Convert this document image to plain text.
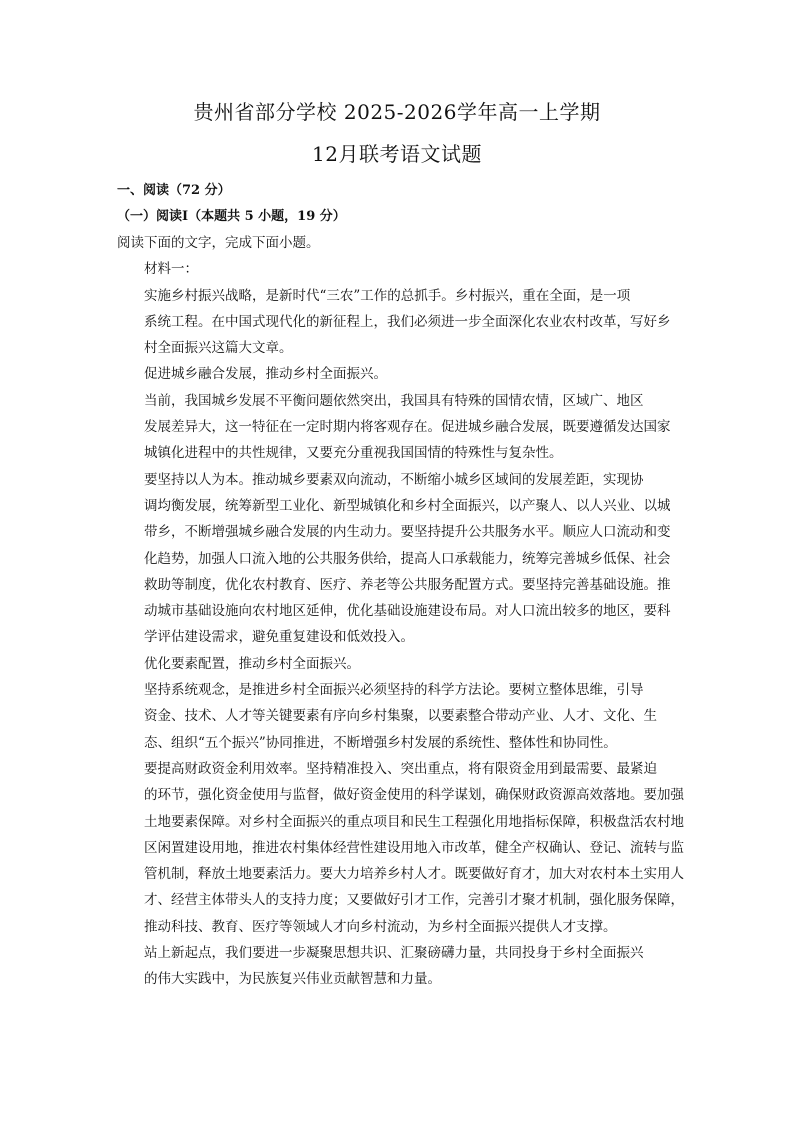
贵州省部分学校 2025-2026学年高一上学期

12月联考语文试题

一、阅读（72 分）

（一）阅读Ⅰ（本题共 5 小题，19 分）

阅读下面的文字，完成下面小题。

材料一：

实施乡村振兴战略，是新时代“三农”工作的总抓手。乡村振兴，重在全面，是一项
系统工程。在中国式现代化的新征程上，我们必须进一步全面深化农业农村改革，写好乡
村全面振兴这篇大文章。

促进城乡融合发展，推动乡村全面振兴。

当前，我国城乡发展不平衡问题依然突出，我国具有特殊的国情农情，区域广、地区
发展差异大，这一特征在一定时期内将客观存在。促进城乡融合发展，既要遵循发达国家
城镇化进程中的共性规律，又要充分重视我国国情的特殊性与复杂性。

要坚持以人为本。推动城乡要素双向流动，不断缩小城乡区域间的发展差距，实现协
调均衡发展，统筹新型工业化、新型城镇化和乡村全面振兴，以产聚人、以人兴业、以城
带乡，不断增强城乡融合发展的内生动力。要坚持提升公共服务水平。顺应人口流动和变
化趋势，加强人口流入地的公共服务供给，提高人口承载能力，统筹完善城乡低保、社会
救助等制度，优化农村教育、医疗、养老等公共服务配置方式。要坚持完善基础设施。推
动城市基础设施向农村地区延伸，优化基础设施建设布局。对人口流出较多的地区，要科
学评估建设需求，避免重复建设和低效投入。

优化要素配置，推动乡村全面振兴。

坚持系统观念，是推进乡村全面振兴必须坚持的科学方法论。要树立整体思维，引导
资金、技术、人才等关键要素有序向乡村集聚，以要素整合带动产业、人才、文化、生
态、组织“五个振兴”协同推进，不断增强乡村发展的系统性、整体性和协同性。

要提高财政资金利用效率。坚持精准投入、突出重点，将有限资金用到最需要、最紧迫
的环节，强化资金使用与监督，做好资金使用的科学谋划，确保财政资源高效落地。要加强
土地要素保障。对乡村全面振兴的重点项目和民生工程强化用地指标保障，积极盘活农村地
区闲置建设用地，推进农村集体经营性建设用地入市改革，健全产权确认、登记、流转与监
管机制，释放土地要素活力。要大力培养乡村人才。既要做好育才，加大对农村本土实用人
才、经营主体带头人的支持力度；又要做好引才工作，完善引才聚才机制，强化服务保障，
推动科技、教育、医疗等领域人才向乡村流动，为乡村全面振兴提供人才支撑。

站上新起点，我们要进一步凝聚思想共识、汇聚磅礴力量，共同投身于乡村全面振兴
的伟大实践中，为民族复兴伟业贡献智慧和力量。
